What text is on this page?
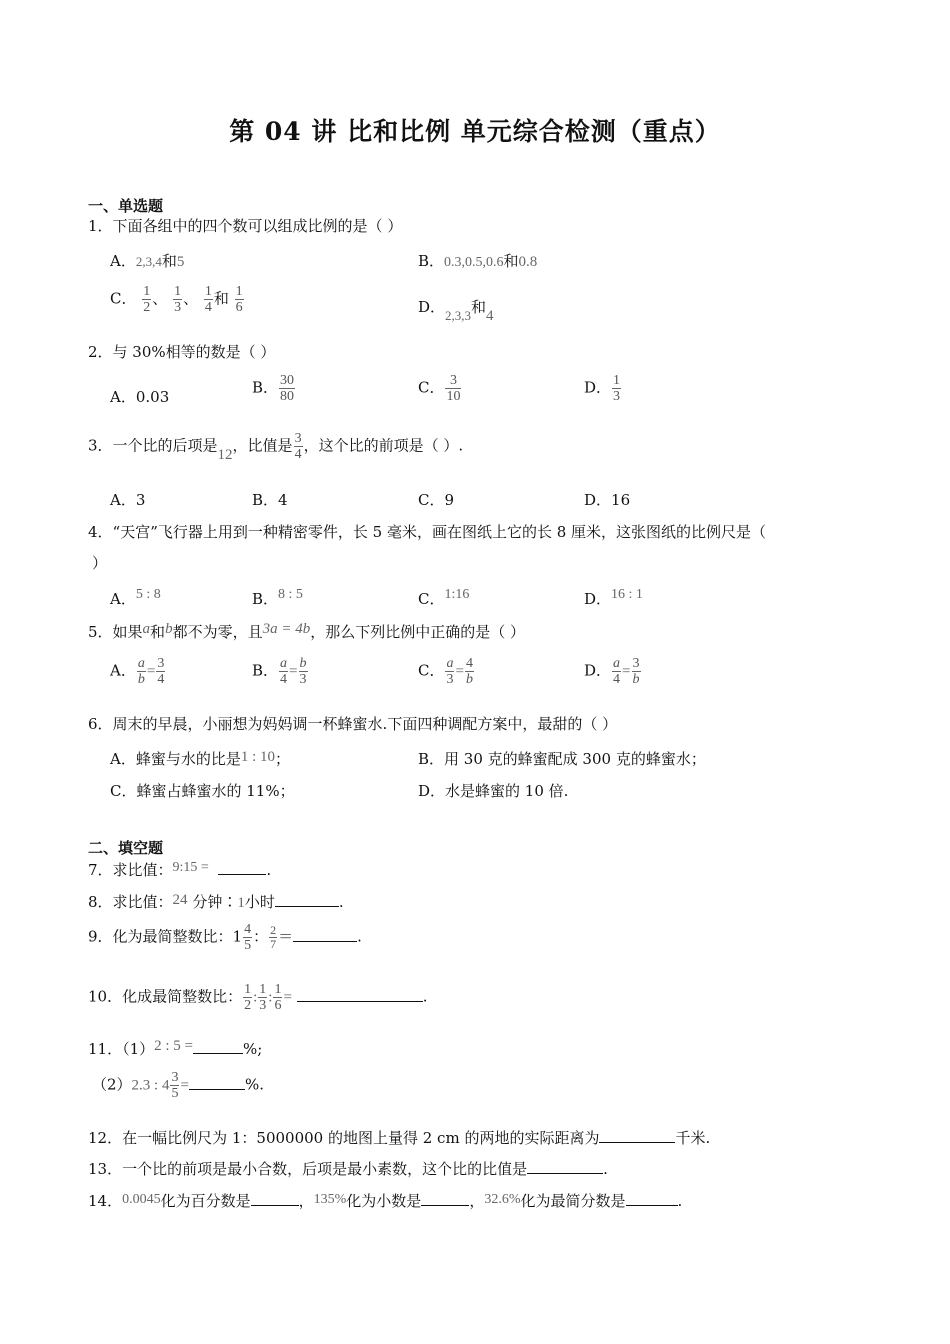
第 04 讲 比和比例 单元综合检测（重点）
一、单选题
1．下面各组中的四个数可以组成比例的是（ ）
A．2,3,4和5	B．0.3,0.5,0.6和0.8
C． $\frac{1}{2}$ 、 $\frac{1}{3}$ 、 $\frac{1}{4}$ 和 $\frac{1}{6}$	D．2,3,3和4
2．与 30%相等的数是（ ）
A．0.03
B． $\frac{30}{80}$	C． $\frac{3}{10}$	D． $\frac{1}{3}$
3．一个比的后项是12，比值是 $\frac{3}{4}$ ，这个比的前项是（ ）.
A．3	B．4	C．9	D．16
4．“天宫”飞行器上用到一种精密零件，长 5 毫米，画在图纸上它的长 8 厘米，这张图纸的比例尺是（
）
A．5 : 8	B．8 : 5	C．1:16	D．16 : 1
5．如果a和b都不为零，且3a = 4b，那么下列比例中正确的是（ ）
A． $\frac{a}{b} = \frac{3}{4}$	B． $\frac{a}{4} = \frac{b}{3}$	C． $\frac{a}{3} = \frac{4}{b}$	D． $\frac{a}{4} = \frac{3}{b}$
6．周末的早晨，小丽想为妈妈调一杯蜂蜜水.下面四种调配方案中，最甜的（ ）
A．蜂蜜与水的比是1 : 10；	B．用 30 克的蜂蜜配成 300 克的蜂蜜水；
C．蜂蜜占蜂蜜水的 11%；	D．水是蜂蜜的 10 倍.
二、填空题
7．求比值：9:15 =	.
8．求比值：24 分钟∶1小时	.
9．化为最简整数比：$1 \frac{4}{5}$ ： $\frac{2}{7}$ ＝	.
10．化成最简整数比： $\frac{1}{2}$ : $\frac{1}{3}$ : $\frac{1}{6}$ =	.
11．（1）2 : 5 =	%;
（2）2.3 : $4 \frac{3}{5}$ =	%.
12．在一幅比例尺为 1：5000000 的地图上量得 2 cm 的两地的实际距离为	千米.
13．一个比的前项是最小合数，后项是最小素数，这个比的比值是	.
14．0.0045化为百分数是	，135%化为小数是	，32.6%化为最简分数是	.
